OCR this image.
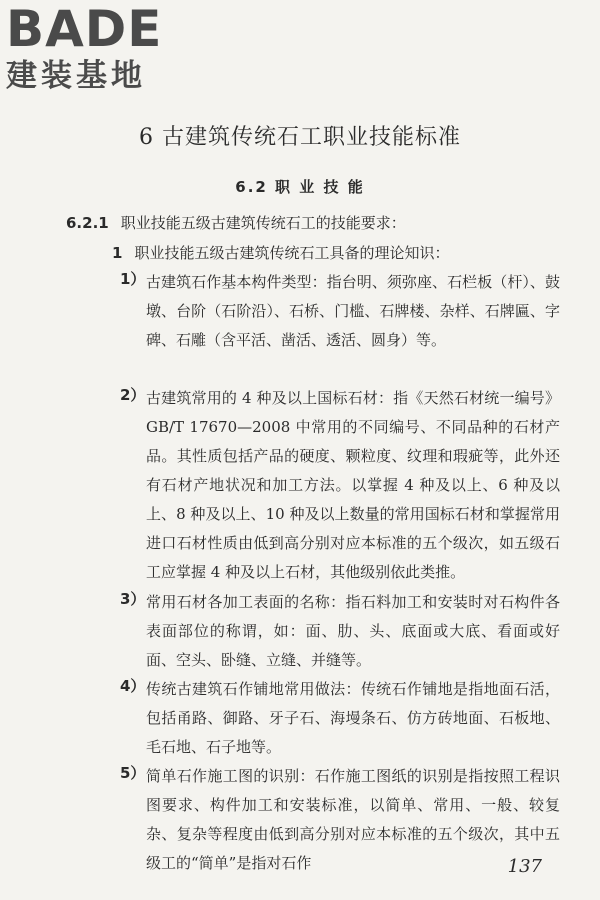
BADE
建装基地
6 古建筑传统石工职业技能标准
6.2 职 业 技 能
6.2.1 职业技能五级古建筑传统石工的技能要求：
1 职业技能五级古建筑传统石工具备的理论知识：
1） 古建筑石作基本构件类型：指台明、须弥座、石栏板（杆）、鼓墩、台阶（石阶沿）、石桥、门槛、石牌楼、杂样、石牌匾、字碑、石雕（含平活、凿活、透活、圆身）等。
2） 古建筑常用的 4 种及以上国标石材：指《天然石材统一编号》GB/T 17670—2008 中常用的不同编号、不同品种的石材产品。其性质包括产品的硬度、颗粒度、纹理和瑕疵等，此外还有石材产地状况和加工方法。以掌握 4 种及以上、6 种及以上、8 种及以上、10 种及以上数量的常用国标石材和掌握常用进口石材性质由低到高分别对应本标准的五个级次，如五级石工应掌握 4 种及以上石材，其他级别依此类推。
3） 常用石材各加工表面的名称：指石料加工和安装时对石构件各表面部位的称谓，如：面、肋、头、底面或大底、看面或好面、空头、卧缝、立缝、并缝等。
4） 传统古建筑石作铺地常用做法：传统石作铺地是指地面石活，包括甬路、御路、牙子石、海墁条石、仿方砖地面、石板地、毛石地、石子地等。
5） 简单石作施工图的识别：石作施工图纸的识别是指按照工程识图要求、构件加工和安装标准，以简单、常用、一般、较复杂、复杂等程度由低到高分别对应本标准的五个级次，其中五级工的“简单”是指对石作	137
